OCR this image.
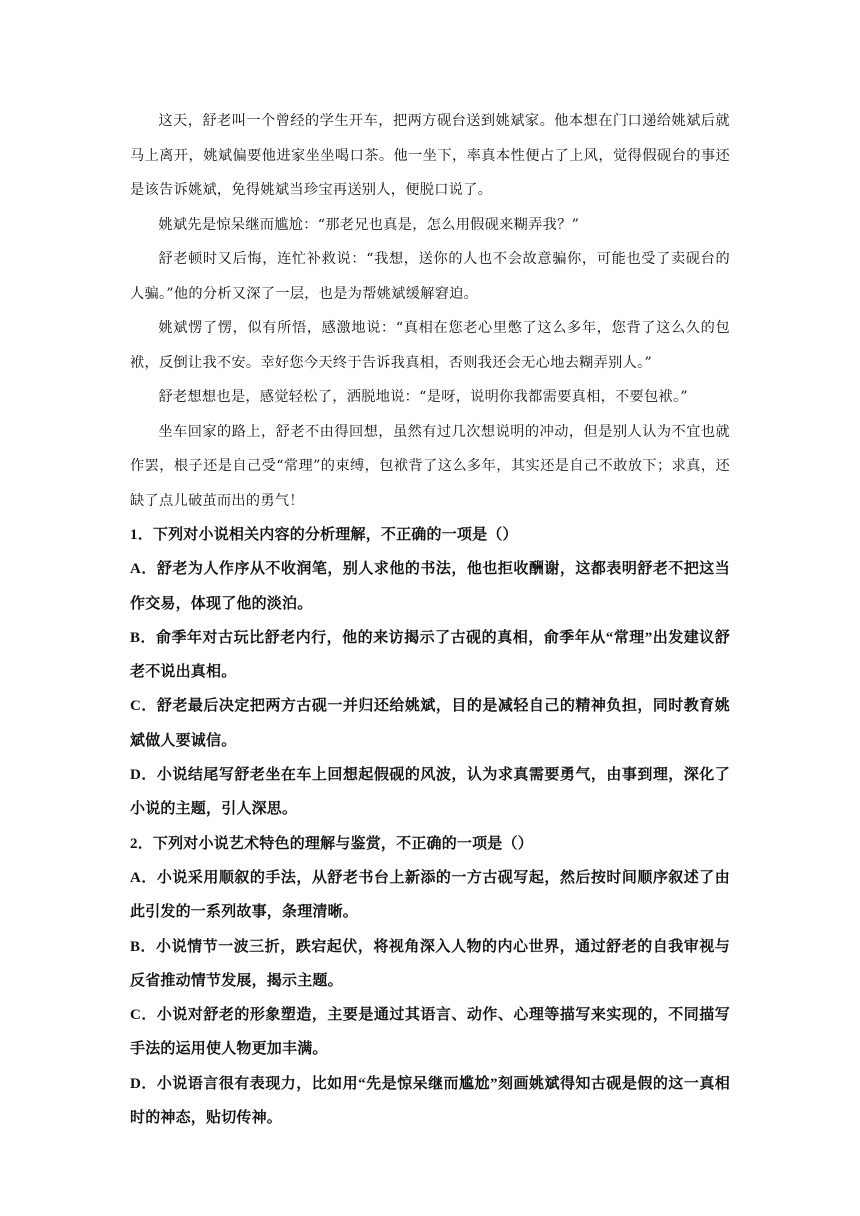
这天，舒老叫一个曾经的学生开车，把两方砚台送到姚斌家。他本想在门口递给姚斌后就马上离开，姚斌偏要他进家坐坐喝口茶。他一坐下，率真本性便占了上风，觉得假砚台的事还是该告诉姚斌，免得姚斌当珍宝再送别人，便脱口说了。

姚斌先是惊呆继而尴尬：“那老兄也真是，怎么用假砚来糊弄我？”

舒老顿时又后悔，连忙补救说：“我想，送你的人也不会故意骗你，可能也受了卖砚台的人骗。”他的分析又深了一层，也是为帮姚斌缓解窘迫。

姚斌愣了愣，似有所悟，感激地说：“真相在您老心里憋了这么多年，您背了这么久的包袱，反倒让我不安。幸好您今天终于告诉我真相，否则我还会无心地去糊弄别人。”

舒老想想也是，感觉轻松了，洒脱地说：“是呀，说明你我都需要真相，不要包袱。”

坐车回家的路上，舒老不由得回想，虽然有过几次想说明的冲动，但是别人认为不宜也就作罢，根子还是自己受“常理”的束缚，包袱背了这么多年，其实还是自己不敢放下；求真，还缺了点儿破茧而出的勇气！

1．下列对小说相关内容的分析理解，不正确的一项是（）

A．舒老为人作序从不收润笔，别人求他的书法，他也拒收酬谢，这都表明舒老不把这当作交易，体现了他的淡泊。

B．俞季年对古玩比舒老内行，他的来访揭示了古砚的真相，俞季年从“常理”出发建议舒老不说出真相。

C．舒老最后决定把两方古砚一并归还给姚斌，目的是减轻自己的精神负担，同时教育姚斌做人要诚信。

D．小说结尾写舒老坐在车上回想起假砚的风波，认为求真需要勇气，由事到理，深化了小说的主题，引人深思。

2．下列对小说艺术特色的理解与鉴赏，不正确的一项是（）

A．小说采用顺叙的手法，从舒老书台上新添的一方古砚写起，然后按时间顺序叙述了由此引发的一系列故事，条理清晰。

B．小说情节一波三折，跌宕起伏，将视角深入人物的内心世界，通过舒老的自我审视与反省推动情节发展，揭示主题。

C．小说对舒老的形象塑造，主要是通过其语言、动作、心理等描写来实现的，不同描写手法的运用使人物更加丰满。

D．小说语言很有表现力，比如用“先是惊呆继而尴尬”刻画姚斌得知古砚是假的这一真相时的神态，贴切传神。
